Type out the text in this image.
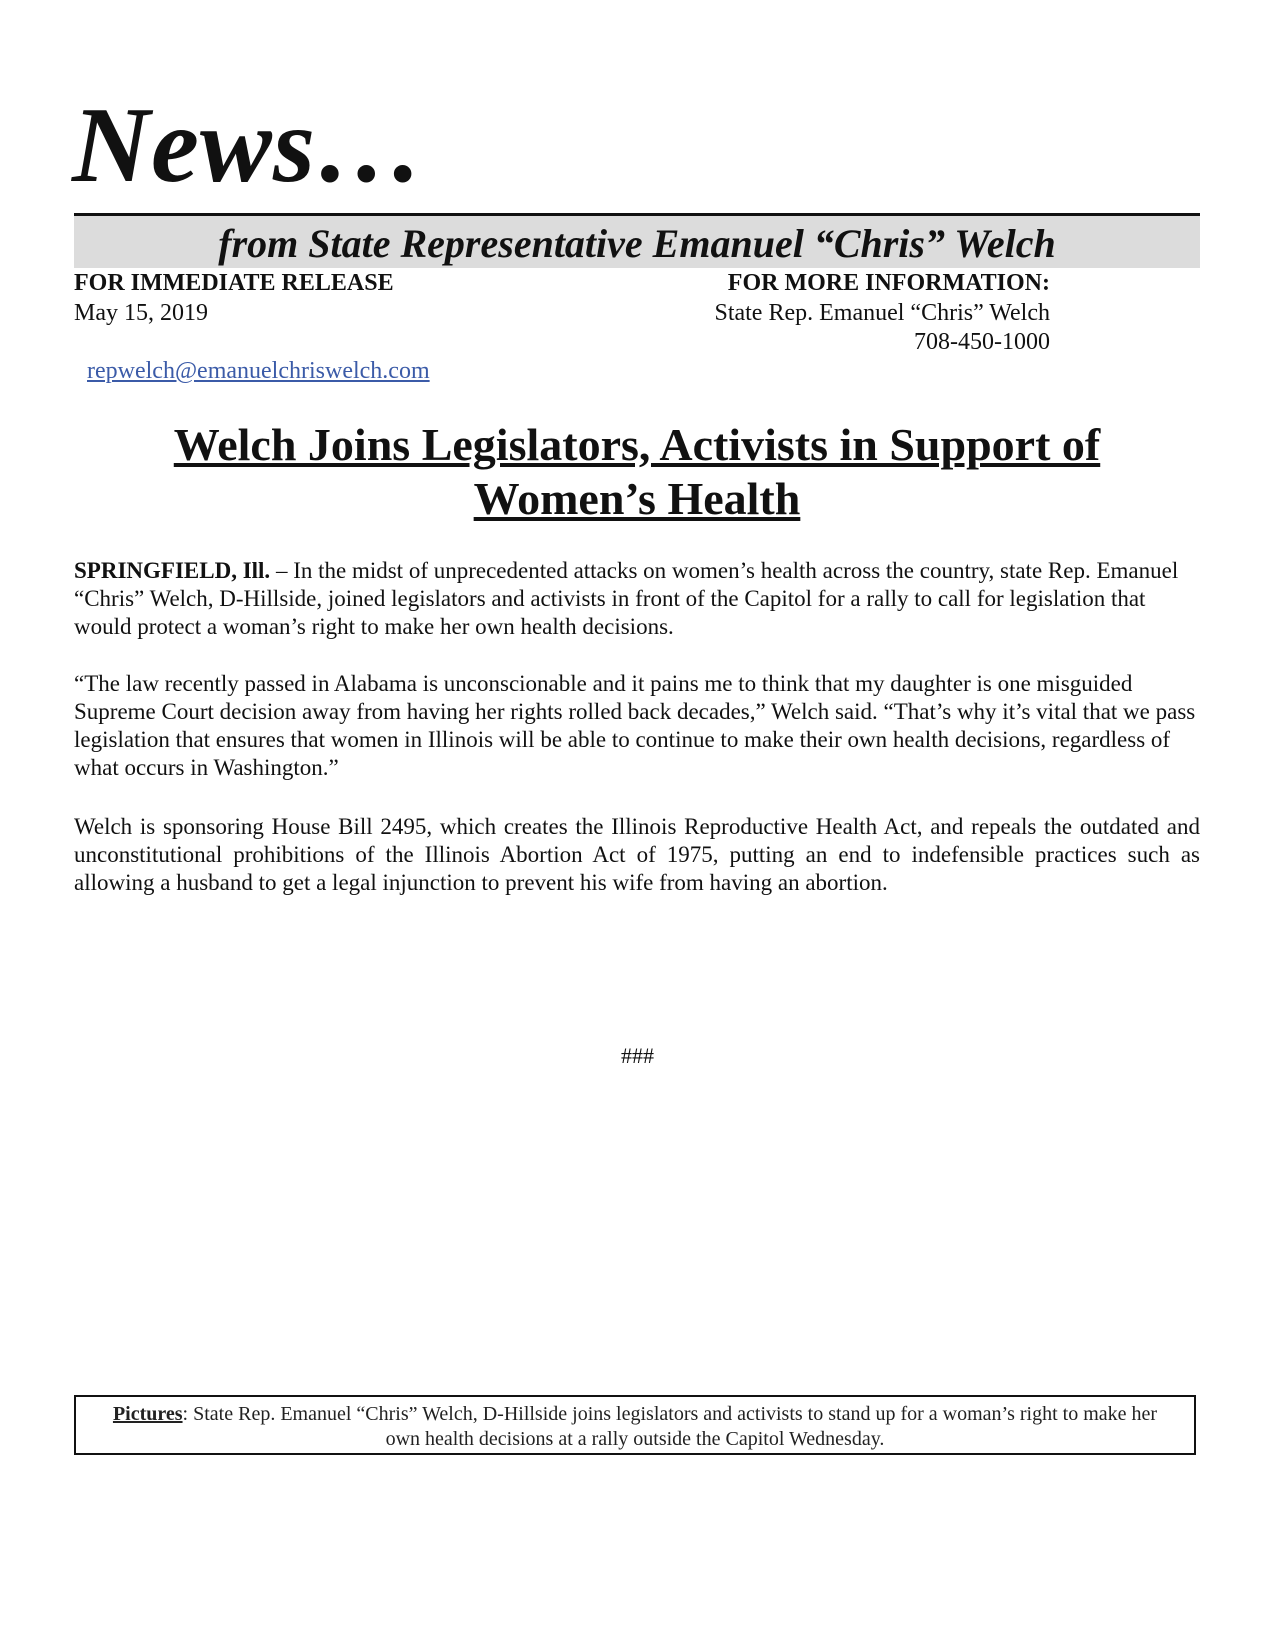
News…
from State Representative Emanuel “Chris” Welch
FOR IMMEDIATE RELEASE
May 15, 2019
FOR MORE INFORMATION:
State Rep. Emanuel “Chris” Welch
708-450-1000
repwelch@emanuelchriswelch.com
Welch Joins Legislators, Activists in Support of
Women’s Health
SPRINGFIELD, Ill. – In the midst of unprecedented attacks on women’s health across the country, state Rep. Emanuel “Chris” Welch, D-Hillside, joined legislators and activists in front of the Capitol for a rally to call for legislation that would protect a woman’s right to make her own health decisions.
“The law recently passed in Alabama is unconscionable and it pains me to think that my daughter is one misguided Supreme Court decision away from having her rights rolled back decades,” Welch said. “That’s why it’s vital that we pass legislation that ensures that women in Illinois will be able to continue to make their own health decisions, regardless of what occurs in Washington.”
Welch is sponsoring House Bill 2495, which creates the Illinois Reproductive Health Act, and repeals the outdated and unconstitutional prohibitions of the Illinois Abortion Act of 1975, putting an end to indefensible practices such as allowing a husband to get a legal injunction to prevent his wife from having an abortion.
###
Pictures: State Rep. Emanuel “Chris” Welch, D-Hillside joins legislators and activists to stand up for a woman’s right to make her own health decisions at a rally outside the Capitol Wednesday.
